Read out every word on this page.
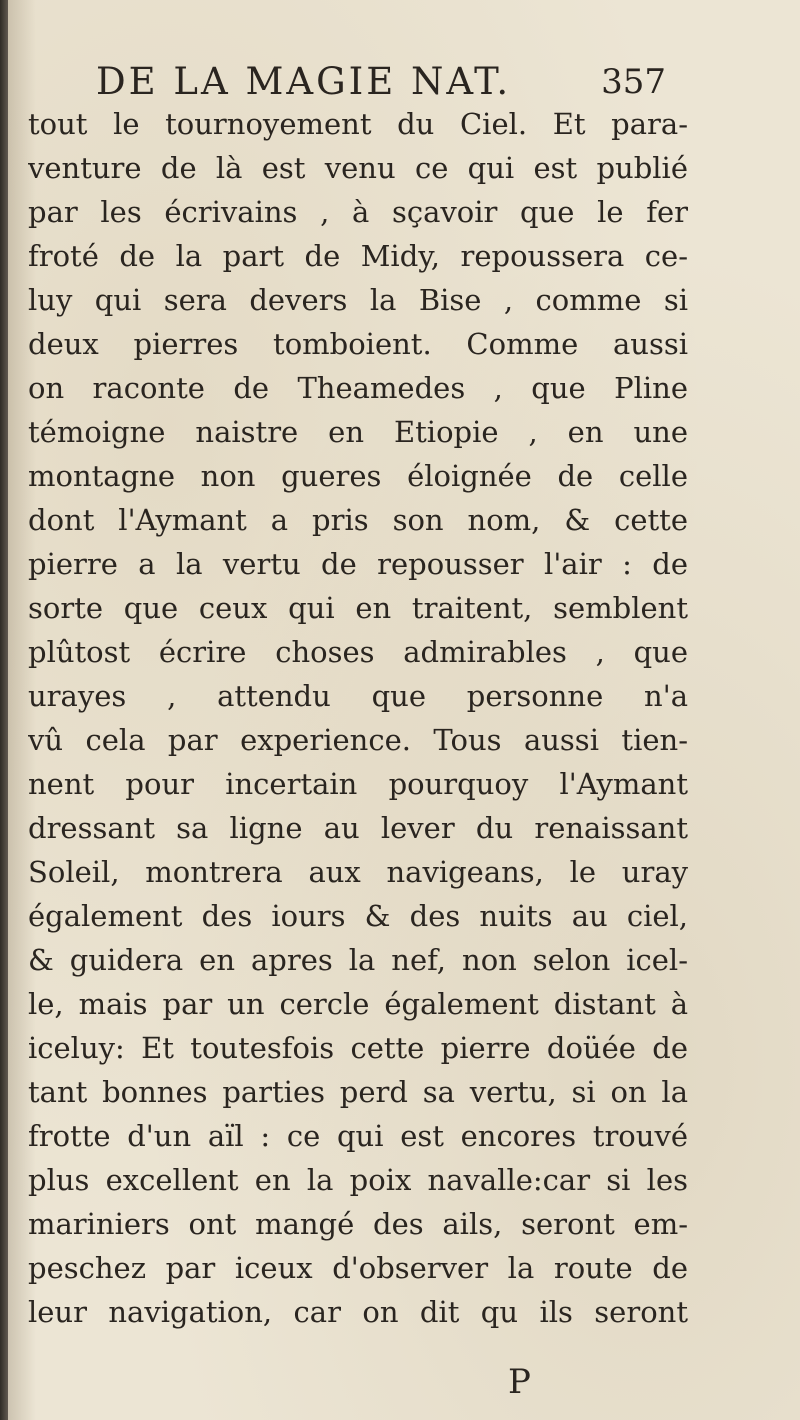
DE LA MAGIE NAT.	357
tout le tournoyement du Ciel. Et para-
venture de là est venu ce qui est publié
par les écrivains , à sçavoir que le fer
froté de la part de Midy, repoussera ce-
luy qui sera devers la Bise , comme si
deux pierres tomboient. Comme aussi
on raconte de Theamedes , que Pline
témoigne naistre en Etiopie , en une
montagne non gueres éloignée de celle
dont l'Aymant a pris son nom, & cette
pierre a la vertu de repousser l'air : de
sorte que ceux qui en traitent, semblent
plûtost écrire choses admirables , que
urayes , attendu que personne n'a
vû cela par experience. Tous aussi tien-
nent pour incertain pourquoy l'Aymant
dressant sa ligne au lever du renaissant
Soleil, montrera aux navigeans, le uray
également des iours & des nuits au ciel,
& guidera en apres la nef, non selon icel-
le, mais par un cercle également distant à
iceluy: Et toutesfois cette pierre doüée de
tant bonnes parties perd sa vertu, si on la
frotte d'un aïl : ce qui est encores trouvé
plus excellent en la poix navalle:car si les
mariniers ont mangé des ails, seront em-
peschez par iceux d'observer la route de
leur navigation, car on dit qu ils seront
P
